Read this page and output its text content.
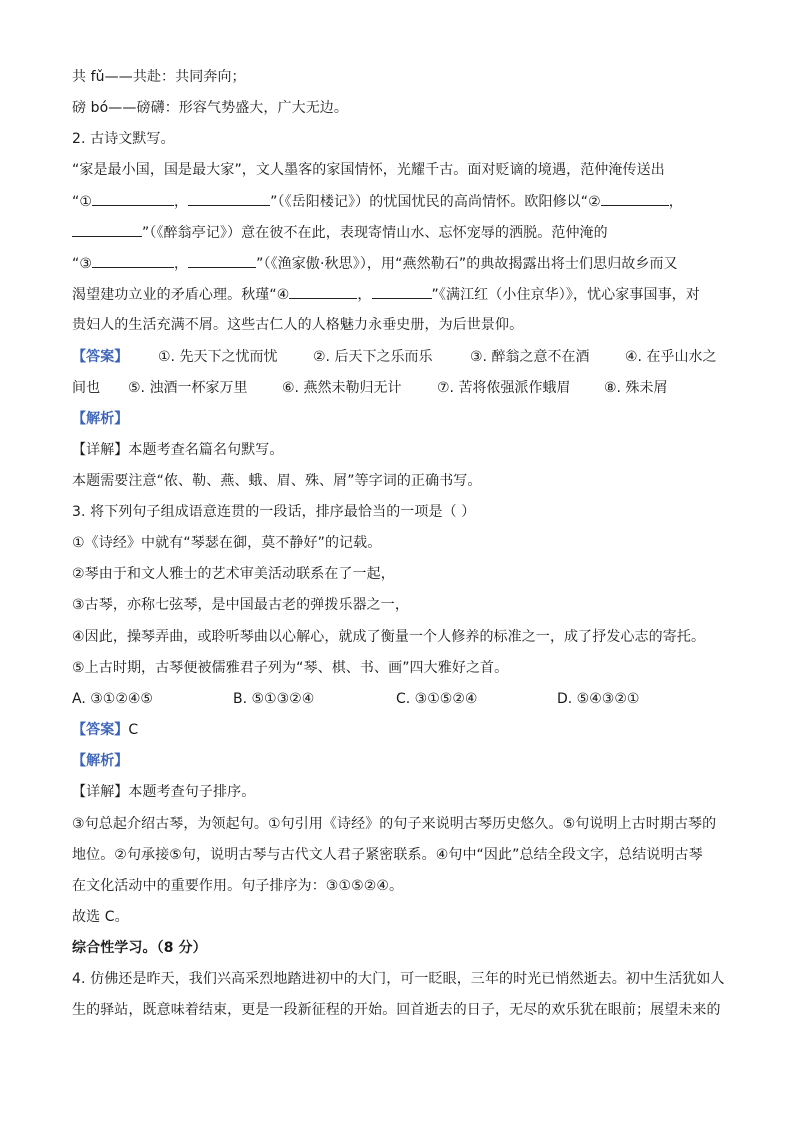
共 fǔ——共赴：共同奔向；
磅 bó——磅礴：形容气势盛大，广大无边。
2. 古诗文默写。
“家是最小国，国是最大家”，文人墨客的家国情怀，光耀千古。面对贬谪的境遇，范仲淹传送出
“①	，	”（《岳阳楼记》）的忧国忧民的高尚情怀。欧阳修以“②	，
”（《醉翁亭记》）意在彼不在此，表现寄情山水、忘怀宠辱的洒脱。范仲淹的
“③	，	”（《渔家傲·秋思》），用“燕然勒石”的典故揭露出将士们思归故乡而又
渴望建功立业的矛盾心理。秋瑾“④	，	”《满江红（小住京华）》，忧心家事国事，对
贵妇人的生活充满不屑。这些古仁人的人格魅力永垂史册，为后世景仰。
【答案】 ①. 先天下之忧而忧	②. 后天下之乐而乐	③. 醉翁之意不在酒	④. 在乎山水之
间也 ⑤. 浊酒一杯家万里 ⑥. 燕然未勒归无计	⑦. 苦将侬强派作蛾眉 ⑧. 殊未屑
【解析】
【详解】本题考查名篇名句默写。
本题需要注意“侬、勒、燕、蛾、眉、殊、屑”等字词的正确书写。
3. 将下列句子组成语意连贯的一段话，排序最恰当的一项是（ ）
①《诗经》中就有“琴瑟在御，莫不静好”的记载。
②琴由于和文人雅士的艺术审美活动联系在了一起，
③古琴，亦称七弦琴，是中国最古老的弹拨乐器之一，
④因此，操琴弄曲，或聆听琴曲以心解心，就成了衡量一个人修养的标准之一，成了抒发心志的寄托。
⑤上古时期，古琴便被儒雅君子列为“琴、棋、书、画”四大雅好之首。
A. ③①②④⑤	B. ⑤①③②④	C. ③①⑤②④	D. ⑤④③②①
【答案】C
【解析】
【详解】本题考查句子排序。
③句总起介绍古琴，为领起句。①句引用《诗经》的句子来说明古琴历史悠久。⑤句说明上古时期古琴的
地位。②句承接⑤句，说明古琴与古代文人君子紧密联系。④句中“因此”总结全段文字，总结说明古琴
在文化活动中的重要作用。句子排序为：③①⑤②④。
故选 C。
综合性学习。（8 分）
4. 仿佛还是昨天，我们兴高采烈地踏进初中的大门，可一眨眼，三年的时光已悄然逝去。初中生活犹如人
生的驿站，既意味着结束，更是一段新征程的开始。回首逝去的日子，无尽的欢乐犹在眼前；展望未来的
